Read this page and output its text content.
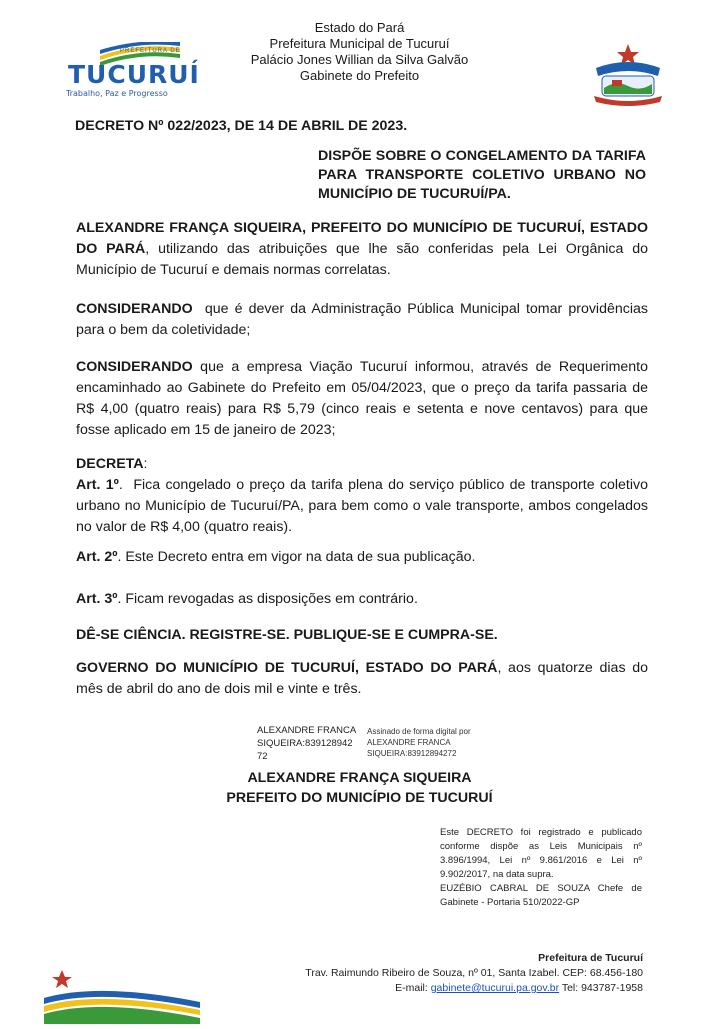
Estado do Pará
Prefeitura Municipal de Tucuruí
Palácio Jones Willian da Silva Galvão
Gabinete do Prefeito
PREFEITURA DE
TUCURUÍ
Trabalho, Paz e Progresso
DECRETO Nº 022/2023, DE 14 DE ABRIL DE 2023.
DISPÕE SOBRE O CONGELAMENTO DA TARIFA PARA TRANSPORTE COLETIVO URBANO NO MUNICÍPIO DE TUCURUÍ/PA.
ALEXANDRE FRANÇA SIQUEIRA, PREFEITO DO MUNICÍPIO DE TUCURUÍ, ESTADO DO PARÁ, utilizando das atribuições que lhe são conferidas pela Lei Orgânica do Município de Tucuruí e demais normas correlatas.
CONSIDERANDO  que é dever da Administração Pública Municipal tomar providências para o bem da coletividade;
CONSIDERANDO que a empresa Viação Tucuruí informou, através de Requerimento encaminhado ao Gabinete do Prefeito em 05/04/2023, que o preço da tarifa passaria de R$ 4,00 (quatro reais) para R$ 5,79 (cinco reais e setenta e nove centavos) para que fosse aplicado em 15 de janeiro de 2023;
DECRETA:
Art. 1º.  Fica congelado o preço da tarifa plena do serviço público de transporte coletivo urbano no Município de Tucuruí/PA, para bem como o vale transporte, ambos congelados no valor de R$ 4,00 (quatro reais).
Art. 2º. Este Decreto entra em vigor na data de sua publicação.
Art. 3º. Ficam revogadas as disposições em contrário.
DÊ-SE CIÊNCIA. REGISTRE-SE. PUBLIQUE-SE E CUMPRA-SE.
GOVERNO DO MUNICÍPIO DE TUCURUÍ, ESTADO DO PARÁ, aos quatorze dias do mês de abril do ano de dois mil e vinte e três.
ALEXANDRE FRANCA SIQUEIRA:839128942 72
Assinado de forma digital por ALEXANDRE FRANCA SIQUEIRA:83912894272
ALEXANDRE FRANÇA SIQUEIRA
PREFEITO DO MUNICÍPIO DE TUCURUÍ
Este DECRETO foi registrado e publicado conforme dispõe as Leis Municipais nº 3.896/1994, Lei nº 9.861/2016 e Lei nº 9.902/2017, na data supra.
EUZÉBIO CABRAL DE SOUZA Chefe de Gabinete - Portaria 510/2022-GP
Prefeitura de Tucuruí
Trav. Raimundo Ribeiro de Souza, nº 01, Santa Izabel. CEP: 68.456-180
E-mail: gabinete@tucurui.pa.gov.br Tel: 943787-1958
